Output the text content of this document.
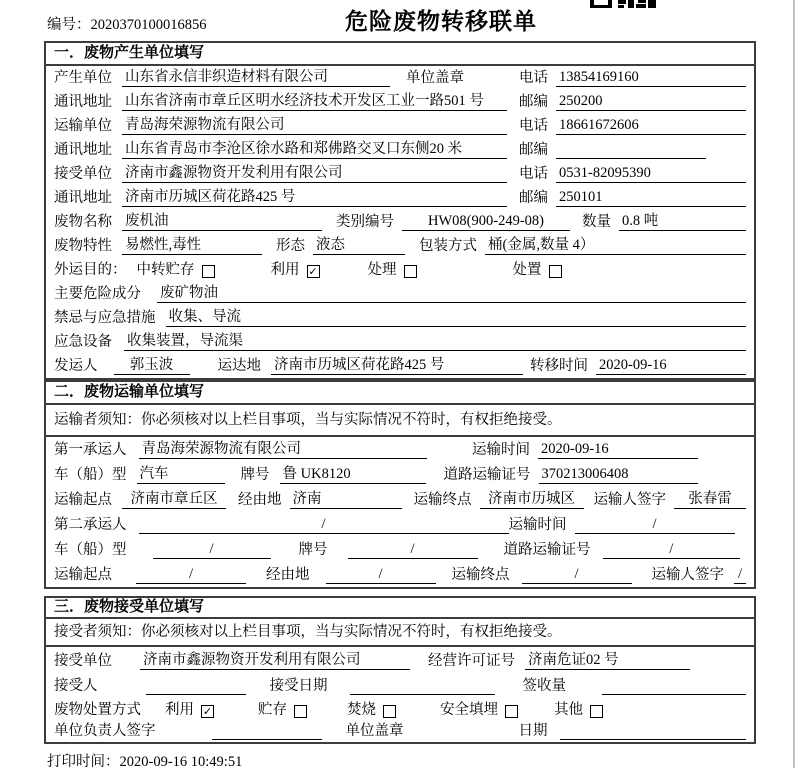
编号：2020370100016856	危险废物转移联单
一．废物产生单位填写
产生单位 山东省永信非织造材料有限公司	单位盖章	电话 13854169160
通讯地址 山东省济南市章丘区明水经济技术开发区工业一路501 号	邮编 250200
运输单位 青岛海荣源物流有限公司	电话 18661672606
通讯地址 山东省青岛市李沧区徐水路和郑佛路交叉口东侧20 米	邮编
接受单位 济南市鑫源物资开发利用有限公司	电话 0531-82095390
通讯地址 济南市历城区荷花路425 号	邮编 250101
废物名称 废机油	类别编号	HW08(900-249-08)	数量 0.8 吨
废物特性 易燃性,毒性	形态 液态	包装方式 桶(金属,数量 4）
外运目的： 中转贮存	利用 ✓	处理	处置
主要危险成分 废矿物油
禁忌与应急措施 收集、导流
应急设备 收集装置，导流渠
发运人	郭玉波	运达地 济南市历城区荷花路425 号	转移时间 2020-09-16
二．废物运输单位填写
运输者须知：你必须核对以上栏目事项，当与实际情况不符时，有权拒绝接受。
第一承运人 青岛海荣源物流有限公司	运输时间 2020-09-16
车（船）型 汽车	牌号 鲁 UK8120	道路运输证号 370213006408
运输起点	济南市章丘区	经由地 济南	运输终点	济南市历城区	运输人签字	张春雷
第二承运人	/	运输时间	/
车（船）型	/	牌号	/	道路运输证号	/
运输起点	/	经由地	/	运输终点	/	运输人签字 /
三．废物接受单位填写
接受者须知：你必须核对以上栏目事项，当与实际情况不符时，有权拒绝接受。
接受单位 济南市鑫源物资开发利用有限公司	经营许可证号 济南危证02 号
接受人	接受日期	签收量
废物处置方式 利用 ✓	贮存	焚烧	安全填埋	其他
单位负责人签字	单位盖章	日期
打印时间：2020-09-16 10:49:51
